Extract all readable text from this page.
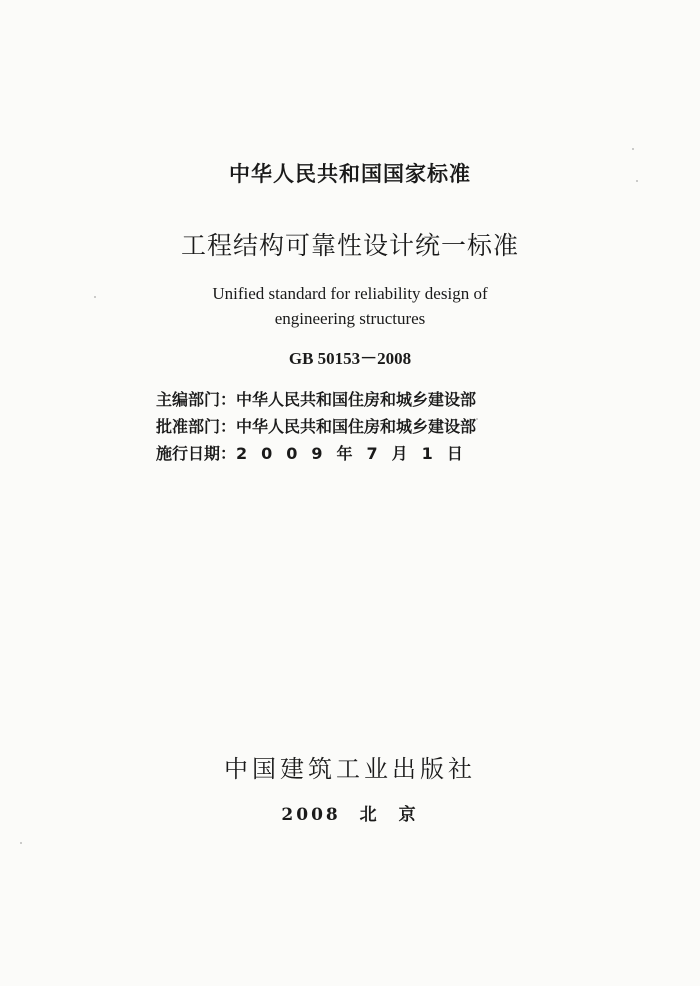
中华人民共和国国家标准
工程结构可靠性设计统一标准
Unified standard for reliability design of
engineering structures
GB 50153－2008
主编部门：中华人民共和国住房和城乡建设部
批准部门：中华人民共和国住房和城乡建设部
施行日期：2009年7月1日
中国建筑工业出版社
2008 北 京
